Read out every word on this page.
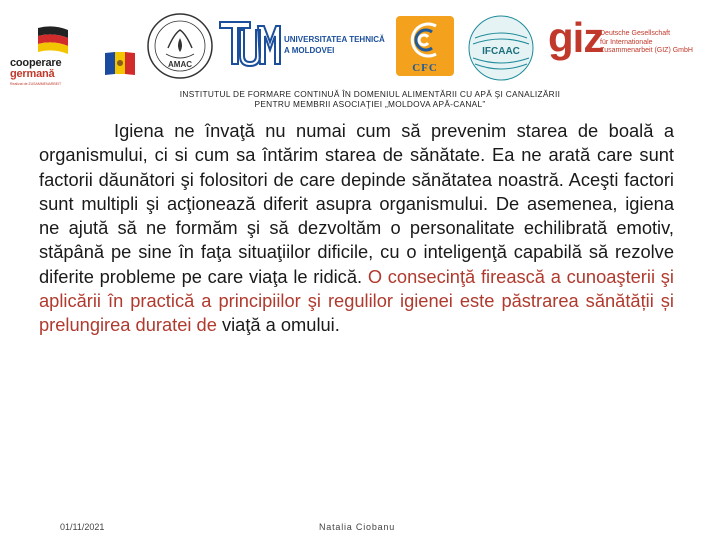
cooperare
germană
Realizat de ZUSAMMENARBEIT
AMAC
UNIVERSITATEA TEHNICĂ
A MOLDOVEI
CFC
IFCAAC giz
Deutsche Gesellschaft
für Internationale
Zusammenarbeit (GIZ) GmbH
INSTITUTUL DE FORMARE CONTINUĂ ÎN DOMENIUL ALIMENTĂRII CU APĂ ŞI CANALIZĂRII
PENTRU MEMBRII ASOCIAŢIEI „MOLDOVA APĂ-CANAL”
Igiena ne învaţă nu numai cum să prevenim starea de boală a organismului, ci si cum sa întărim starea de sănătate. Ea ne arată care sunt factorii dăunători şi folositori de care depinde sănătatea noastră. Aceşti factori sunt multipli şi acţionează diferit asupra organismului. De asemenea, igiena ne ajută să ne formăm şi să dezvoltăm o personalitate echilibrată emotiv, stăpână pe sine în faţa situaţiilor dificile, cu o inteligenţă capabilă să rezolve diferite probleme pe care viaţa le ridică. O consecinţă firească a cunoaşterii şi aplicării în practică a principiilor şi regulilor igienei este păstrarea sănătății și prelungirea duratei de viaţă a omului.
01/11/2021	Natalia Ciobanu
